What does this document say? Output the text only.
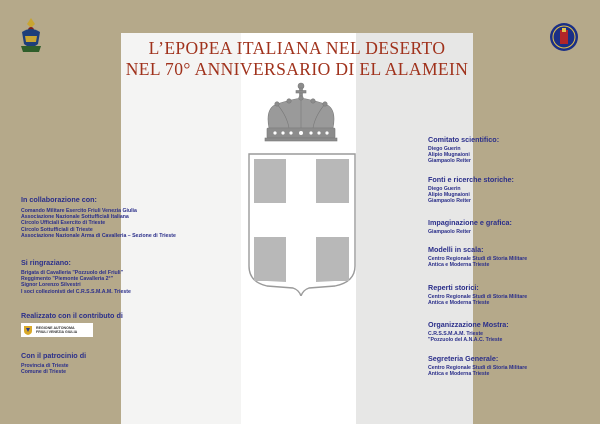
L’EPOPEA ITALIANA NEL DESERTO
NEL 70° ANNIVERSARIO DI EL ALAMEIN
In collaborazione con:
Comando Militare Esercito Friuli Venezia Giulia
Associazione Nazionale Sottufficiali Italiana
Circolo Ufficiali Esercito di Trieste
Circolo Sottufficiali di Trieste
Associazione Nazionale Arma di Cavalleria – Sezione di Trieste
Si ringraziano:
Brigata di Cavalleria "Pozzuolo del Friuli"
Reggimento "Piemonte Cavalleria 2°"
Signor Lorenzo Silvestri
I soci collezionisti del C.R.S.S.M.A.M. Trieste
Realizzato con il contributo di
REGIONE AUTONOMA
FRIULI VENEZIA GIULIA
Con il patrocinio di
Provincia di Trieste
Comune di Trieste
Comitato scientifico:
Diego Guerin
Alipio Mugnaioni
Giampaolo Reiter
Fonti e ricerche storiche:
Diego Guerin
Alipio Mugnaioni
Giampaolo Reiter
Impaginazione e grafica:
Giampaolo Reiter
Modelli in scala:
Centro Regionale Studi di Storia Militare
Antica e Moderna Trieste
Reperti storici:
Centro Regionale Studi di Storia Militare
Antica e Moderna Trieste
Organizzazione Mostra:
C.R.S.S.M.A.M. Trieste
"Pozzuolo del A.N.A.C. Trieste
Segreteria Generale:
Centro Regionale Studi di Storia Militare
Antica e Moderna Trieste
